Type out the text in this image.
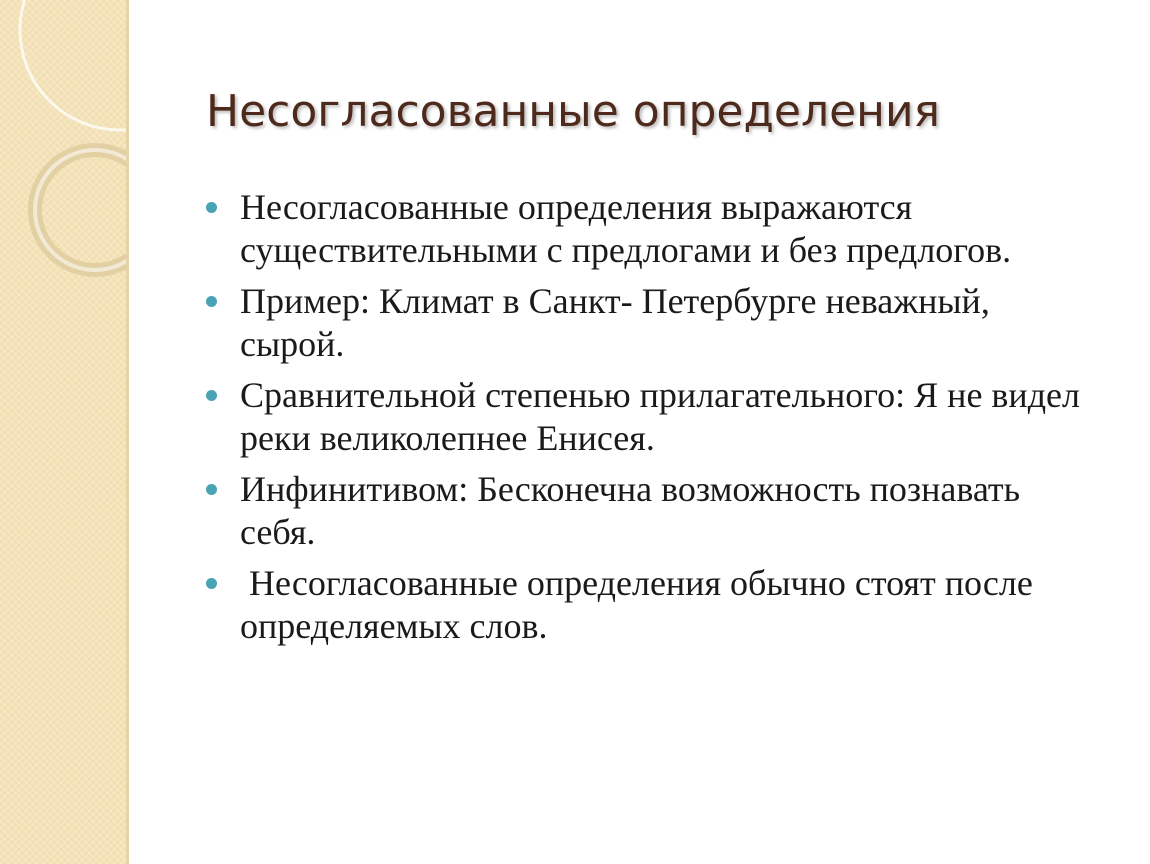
Несогласованные определения
Несогласованные определения выражаются существительными с предлогами и без предлогов.
Пример: Климат в Санкт- Петербурге неважный, сырой.
Сравнительной степенью прилагательного: Я не видел реки великолепнее Енисея.
Инфинитивом: Бесконечна возможность познавать себя.
Несогласованные определения обычно стоят после определяемых слов.
